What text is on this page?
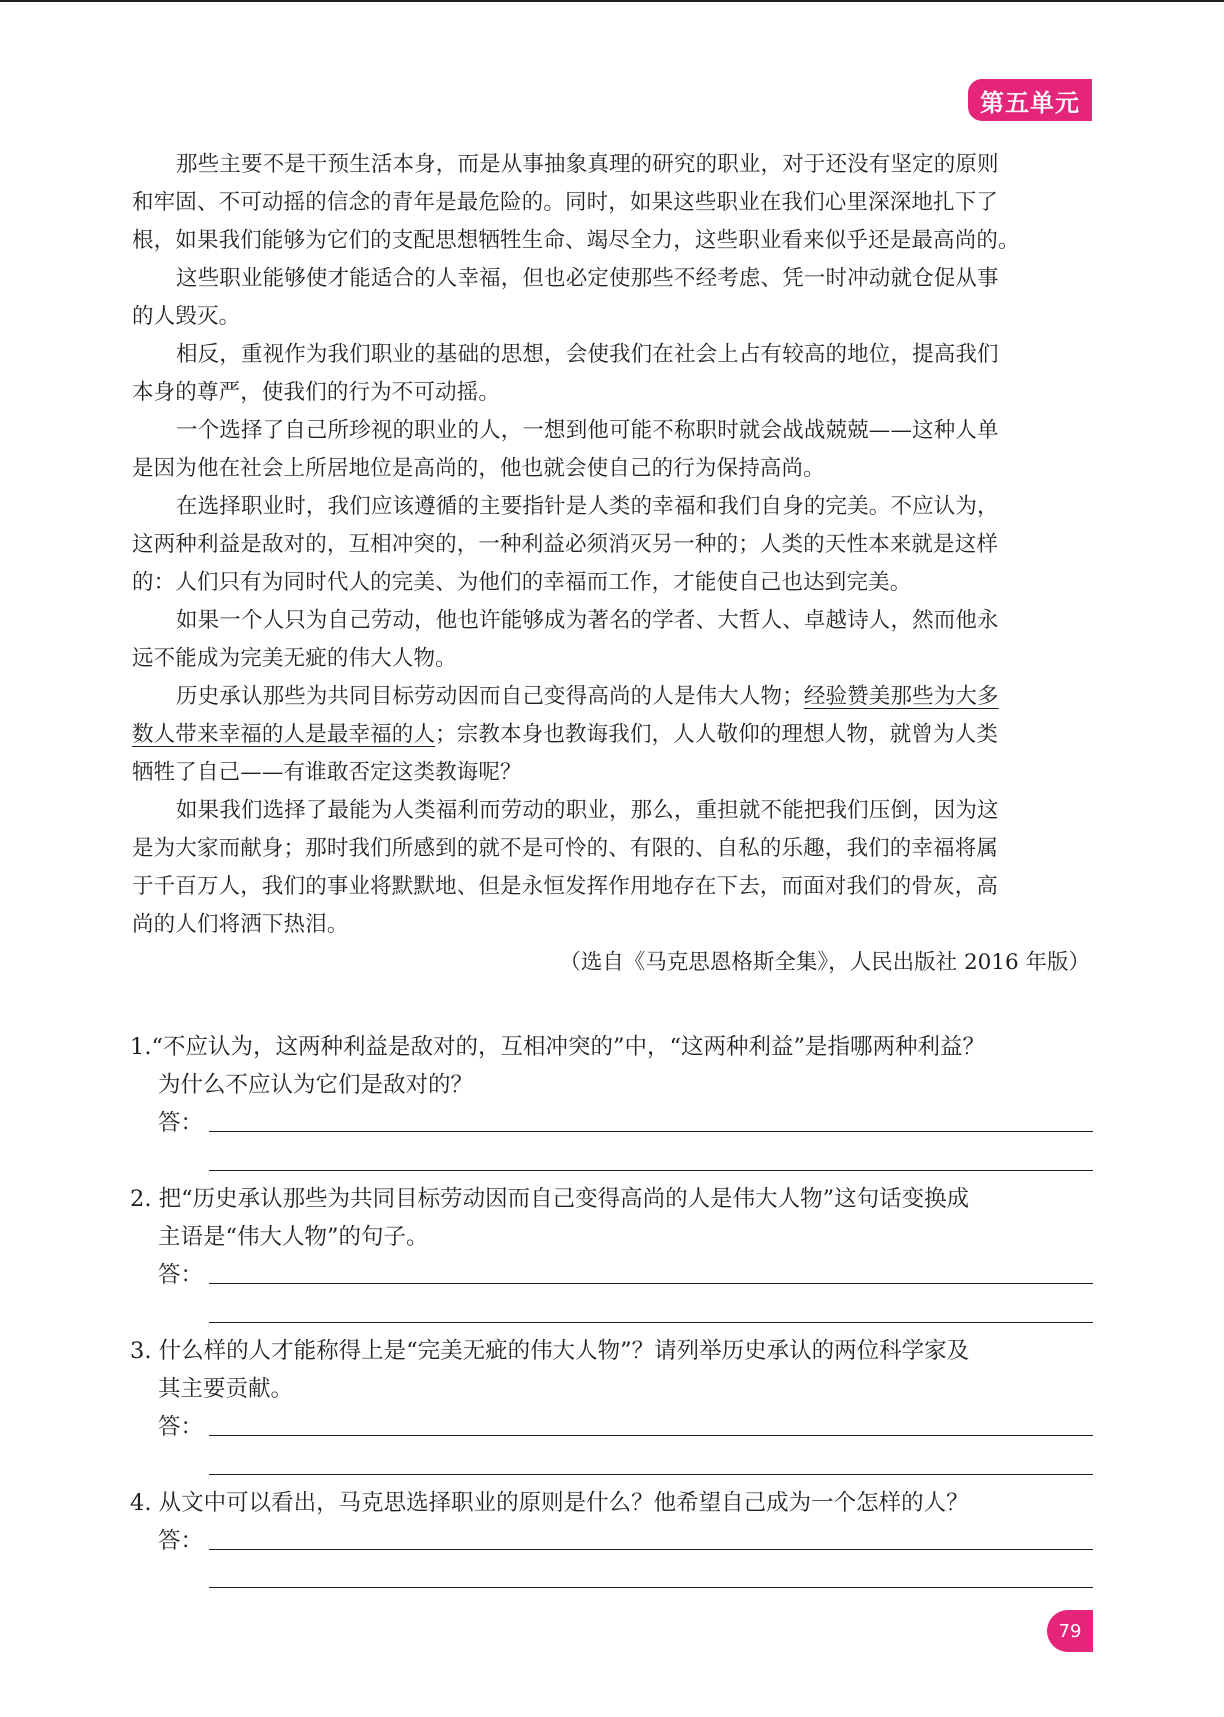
第五单元
那些主要不是干预生活本身，而是从事抽象真理的研究的职业，对于还没有坚定的原则
和牢固、不可动摇的信念的青年是最危险的。同时，如果这些职业在我们心里深深地扎下了
根，如果我们能够为它们的支配思想牺牲生命、竭尽全力，这些职业看来似乎还是最高尚的。
这些职业能够使才能适合的人幸福，但也必定使那些不经考虑、凭一时冲动就仓促从事
的人毁灭。
相反，重视作为我们职业的基础的思想，会使我们在社会上占有较高的地位，提高我们
本身的尊严，使我们的行为不可动摇。
一个选择了自己所珍视的职业的人，一想到他可能不称职时就会战战兢兢——这种人单
是因为他在社会上所居地位是高尚的，他也就会使自己的行为保持高尚。
在选择职业时，我们应该遵循的主要指针是人类的幸福和我们自身的完美。不应认为，
这两种利益是敌对的，互相冲突的，一种利益必须消灭另一种的；人类的天性本来就是这样
的：人们只有为同时代人的完美、为他们的幸福而工作，才能使自己也达到完美。
如果一个人只为自己劳动，他也许能够成为著名的学者、大哲人、卓越诗人，然而他永
远不能成为完美无疵的伟大人物。
历史承认那些为共同目标劳动因而自己变得高尚的人是伟大人物；经验赞美那些为大多
数人带来幸福的人是最幸福的人；宗教本身也教诲我们，人人敬仰的理想人物，就曾为人类
牺牲了自己——有谁敢否定这类教诲呢？
如果我们选择了最能为人类福利而劳动的职业，那么，重担就不能把我们压倒，因为这
是为大家而献身；那时我们所感到的就不是可怜的、有限的、自私的乐趣，我们的幸福将属
于千百万人，我们的事业将默默地、但是永恒发挥作用地存在下去，而面对我们的骨灰，高
尚的人们将洒下热泪。
（选自《马克思恩格斯全集》，人民出版社 2016 年版）
1.“不应认为，这两种利益是敌对的，互相冲突的”中，“这两种利益”是指哪两种利益？
为什么不应认为它们是敌对的？
答：
2. 把“历史承认那些为共同目标劳动因而自己变得高尚的人是伟大人物”这句话变换成
主语是“伟大人物”的句子。
答：
3. 什么样的人才能称得上是“完美无疵的伟大人物”？请列举历史承认的两位科学家及
其主要贡献。
答：
4. 从文中可以看出，马克思选择职业的原则是什么？他希望自己成为一个怎样的人？
答：
79
